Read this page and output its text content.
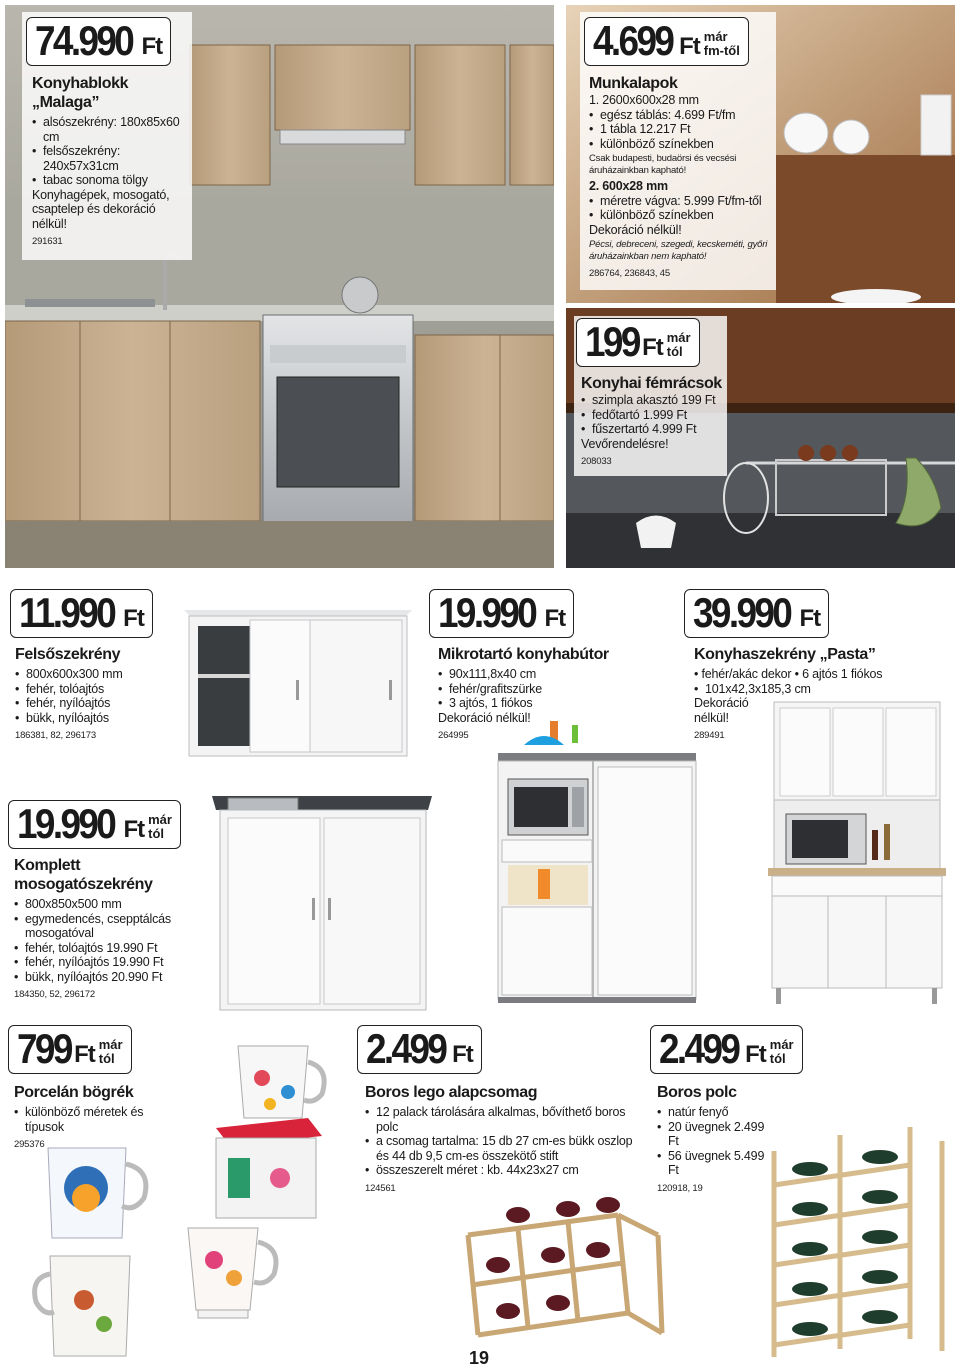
74.990 Ft
Konyhablokk
„Malaga”
• alsószekrény: 180x85x60 cm
• felsőszekrény: 240x57x31cm
• tabac sonoma tölgy
Konyhagépek, mosogató, csaptelep és dekoráció nélkül!
291631
4.699 Ft már
fm-től
Munkalapok
1. 2600x600x28 mm
• egész táblás: 4.699 Ft/fm
• 1 tábla 12.217 Ft
• különböző színekben
Csak budapesti, budaörsi és vecsési áruházainkban kapható!
2. 600x28 mm
• méretre vágva: 5.999 Ft/fm-től
• különböző színekben
Dekoráció nélkül!
Pécsi, debreceni, szegedi, kecskeméti, győri áruházainkban nem kapható!
286764, 236843, 45
199 Ft már
tól
Konyhai fémrácsok
• szimpla akasztó 199 Ft
• fedőtartó 1.999 Ft
• fűszertartó 4.999 Ft
Vevőrendelésre!
208033
11.990 Ft
Felsőszekrény
• 800x600x300 mm
• fehér, tolóajtós
• fehér, nyílóajtós
• bükk, nyílóajtós
186381, 82, 296173
19.990 Ft
Mikrotartó konyhabútor
• 90x111,8x40 cm
• fehér/grafitszürke
• 3 ajtós, 1 fiókos
Dekoráció nélkül!
264995
39.990 Ft
Konyhaszekrény „Pasta”
• fehér/akác dekor • 6 ajtós 1 fiókos
• 101x42,3x185,3 cm
Dekoráció
nélkül!
289491
19.990 Ft már
tól
Komplett
mosogatószekrény
• 800x850x500 mm
• egymedencés, csepptálcás mosogatóval
• fehér, tolóajtós 19.990 Ft
• fehér, nyílóajtós 19.990 Ft
• bükk, nyílóajtós 20.990 Ft
184350, 52, 296172
799 Ft már
tól
Porcelán bögrék
• különböző méretek és típusok
295376
2.499 Ft
Boros lego alapcsomag
• 12 palack tárolására alkalmas, bővíthető boros polc
• a csomag tartalma: 15 db 27 cm-es bükk oszlop és 44 db 9,5 cm-es összekötő stift
• összeszerelt méret : kb. 44x23x27 cm
124561
19
2.499 Ft már
tól
Boros polc
• natúr fenyő
• 20 üvegnek 2.499 Ft
• 56 üvegnek 5.499 Ft
120918, 19
